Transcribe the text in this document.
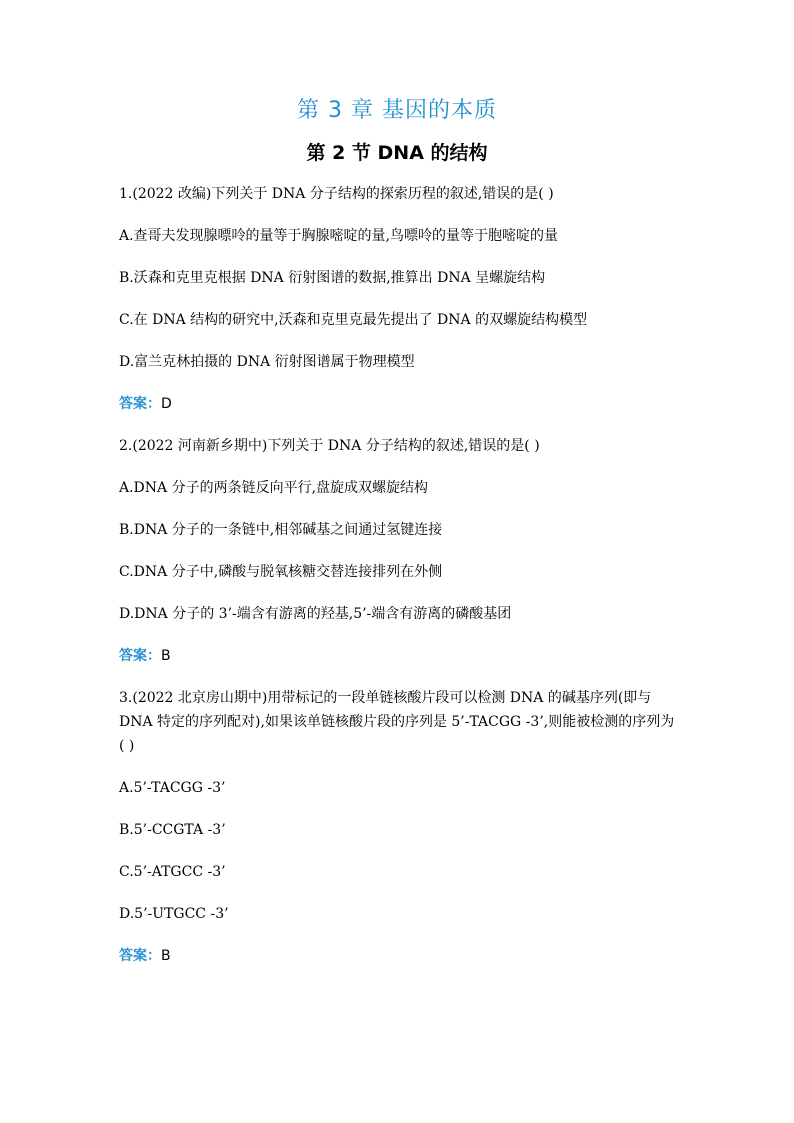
第 3 章 基因的本质
第 2 节 DNA 的结构

1.(2022 改编)下列关于 DNA 分子结构的探索历程的叙述,错误的是( )

A.查哥夫发现腺嘌呤的量等于胸腺嘧啶的量,鸟嘌呤的量等于胞嘧啶的量

B.沃森和克里克根据 DNA 衍射图谱的数据,推算出 DNA 呈螺旋结构

C.在 DNA 结构的研究中,沃森和克里克最先提出了 DNA 的双螺旋结构模型

D.富兰克林拍摄的 DNA 衍射图谱属于物理模型

答案：D

2.(2022 河南新乡期中)下列关于 DNA 分子结构的叙述,错误的是( )

A.DNA 分子的两条链反向平行,盘旋成双螺旋结构

B.DNA 分子的一条链中,相邻碱基之间通过氢键连接

C.DNA 分子中,磷酸与脱氧核糖交替连接排列在外侧

D.DNA 分子的 3’-端含有游离的羟基,5’-端含有游离的磷酸基团

答案：B

3.(2022 北京房山期中)用带标记的一段单链核酸片段可以检测 DNA 的碱基序列(即与 DNA 特定的序列配对),如果该单链核酸片段的序列是 5’-TACGG -3’,则能被检测的序列为( )

A.5’-TACGG -3’

B.5’-CCGTA -3’

C.5’-ATGCC -3’

D.5’-UTGCC -3’

答案：B
